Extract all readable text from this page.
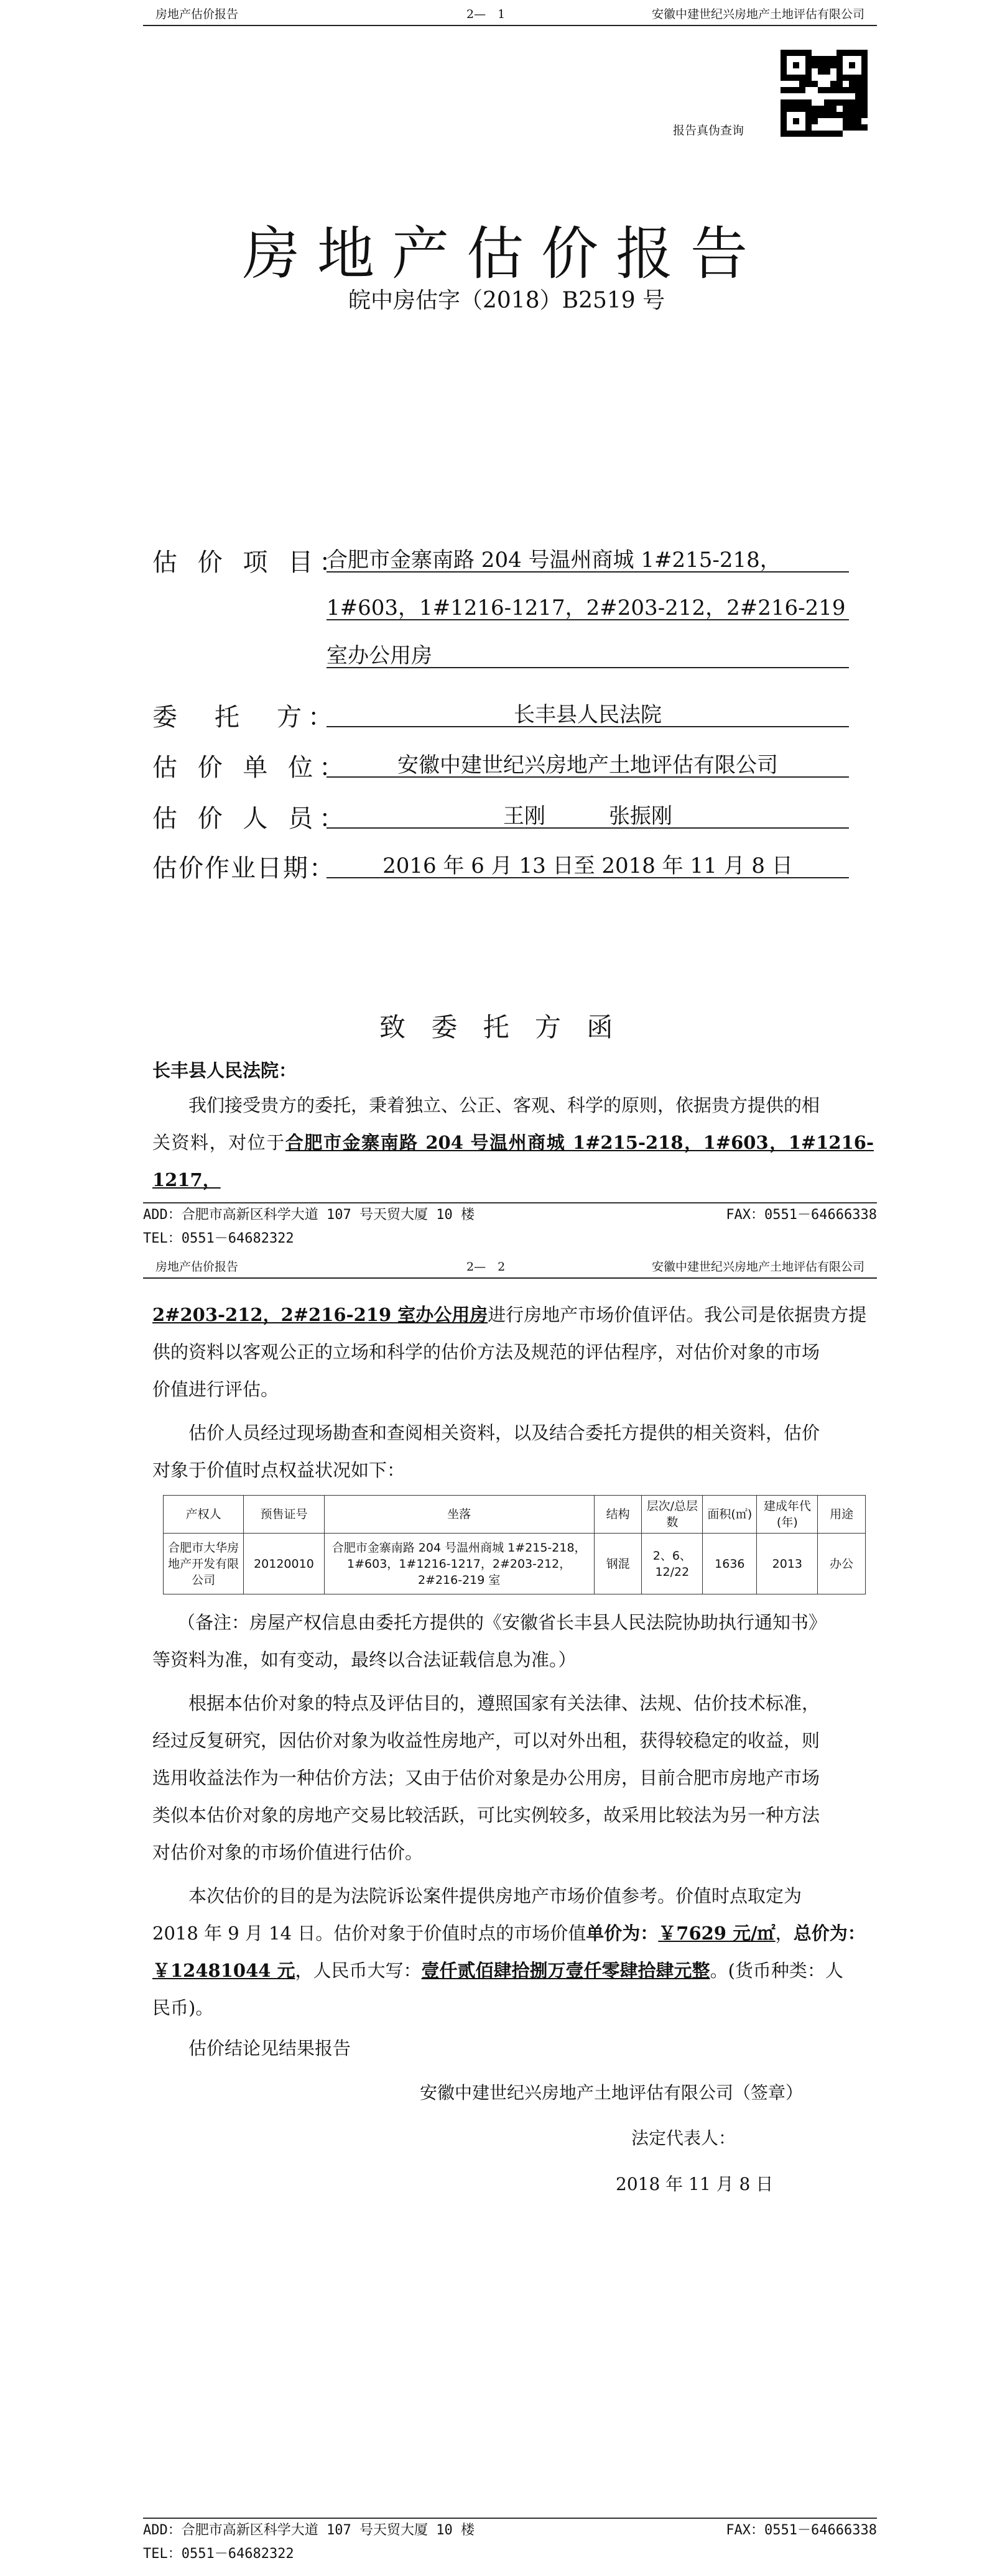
房地产估价报告	2—　1	安徽中建世纪兴房地产土地评估有限公司
报告真伪查询
房地产估价报告
皖中房估字（2018）B2519 号
估 价 项 目：
合肥市金寨南路 204 号温州商城 1#215-218，
1#603，1#1216-1217，2#203-212，2#216-219
室办公用房
委　托　方：	长丰县人民法院
估 价 单 位：	安徽中建世纪兴房地产土地评估有限公司
估 价 人 员：	王刚　　　张振刚
估价作业日期：	2016 年 6 月 13 日至 2018 年 11 月 8 日
致 委 托 方 函
长丰县人民法院：
我们接受贵方的委托，秉着独立、公正、客观、科学的原则，依据贵方提供的相
关资料，对位于合肥市金寨南路 204 号温州商城 1#215-218，1#603，1#1216-1217，
ADD：合肥市高新区科学大道 107 号天贸大厦 10 楼	FAX：0551－64666338
TEL：0551－64682322
房地产估价报告	2—　2	安徽中建世纪兴房地产土地评估有限公司
2#203-212，2#216-219 室办公用房进行房地产市场价值评估。我公司是依据贵方提
供的资料以客观公正的立场和科学的估价方法及规范的评估程序，对估价对象的市场
价值进行评估。
估价人员经过现场勘查和查阅相关资料，以及结合委托方提供的相关资料，估价
对象于价值时点权益状况如下：
产权人	预售证号	坐落	结构	层次/总层数	面积(㎡)	建成年代(年)	用途
合肥市大华房地产开发有限公司	20120010	合肥市金寨南路 204 号温州商城 1#215-218，1#603，1#1216-1217，2#203-212，2#216-219 室	钢混	2、6、12/22	1636	2013	办公
（备注：房屋产权信息由委托方提供的《安徽省长丰县人民法院协助执行通知书》
等资料为准，如有变动，最终以合法证载信息为准。）
根据本估价对象的特点及评估目的，遵照国家有关法律、法规、估价技术标准，
经过反复研究，因估价对象为收益性房地产，可以对外出租，获得较稳定的收益，则
选用收益法作为一种估价方法；又由于估价对象是办公用房，目前合肥市房地产市场
类似本估价对象的房地产交易比较活跃，可比实例较多，故采用比较法为另一种方法
对估价对象的市场价值进行估价。
本次估价的目的是为法院诉讼案件提供房地产市场价值参考。价值时点取定为
2018 年 9 月 14 日。估价对象于价值时点的市场价值单价为：￥7629 元/㎡，总价为：
￥12481044 元，人民币大写：壹仟贰佰肆拾捌万壹仟零肆拾肆元整。(货币种类：人
民币)。
估价结论见结果报告
安徽中建世纪兴房地产土地评估有限公司（签章）
法定代表人：
2018 年 11 月 8 日
ADD：合肥市高新区科学大道 107 号天贸大厦 10 楼	FAX：0551－64666338
TEL：0551－64682322
